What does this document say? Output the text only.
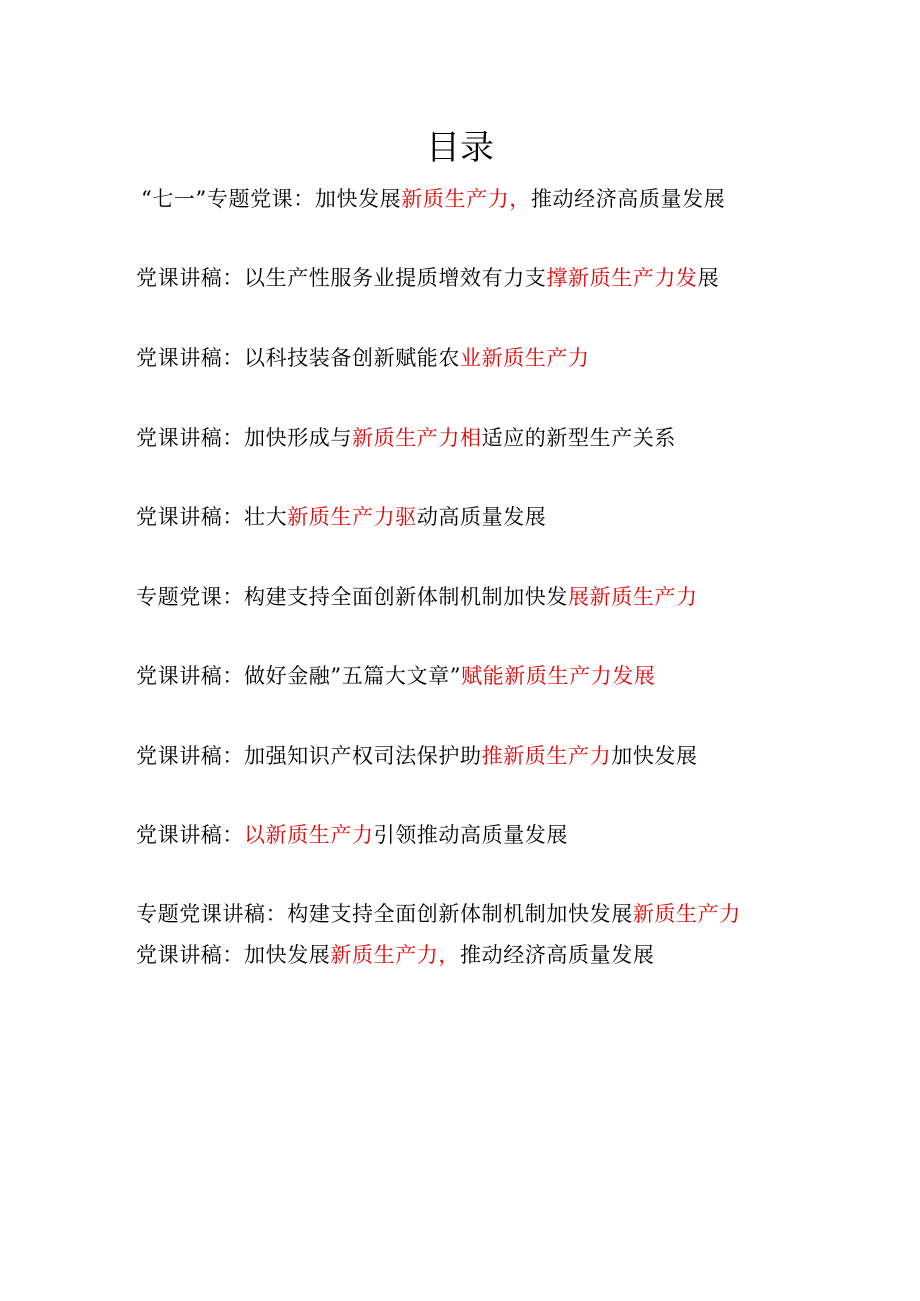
目录
“七一”专题党课：加快发展新质生产力，推动经济高质量发展
党课讲稿：以生产性服务业提质增效有力支撑新质生产力发展
党课讲稿：以科技装备创新赋能农业新质生产力
党课讲稿：加快形成与新质生产力相适应的新型生产关系
党课讲稿：壮大新质生产力驱动高质量发展
专题党课：构建支持全面创新体制机制加快发展新质生产力
党课讲稿：做好金融”五篇大文章”赋能新质生产力发展
党课讲稿：加强知识产权司法保护助推新质生产力加快发展
党课讲稿：以新质生产力引领推动高质量发展
专题党课讲稿：构建支持全面创新体制机制加快发展新质生产力
党课讲稿：加快发展新质生产力，推动经济高质量发展
